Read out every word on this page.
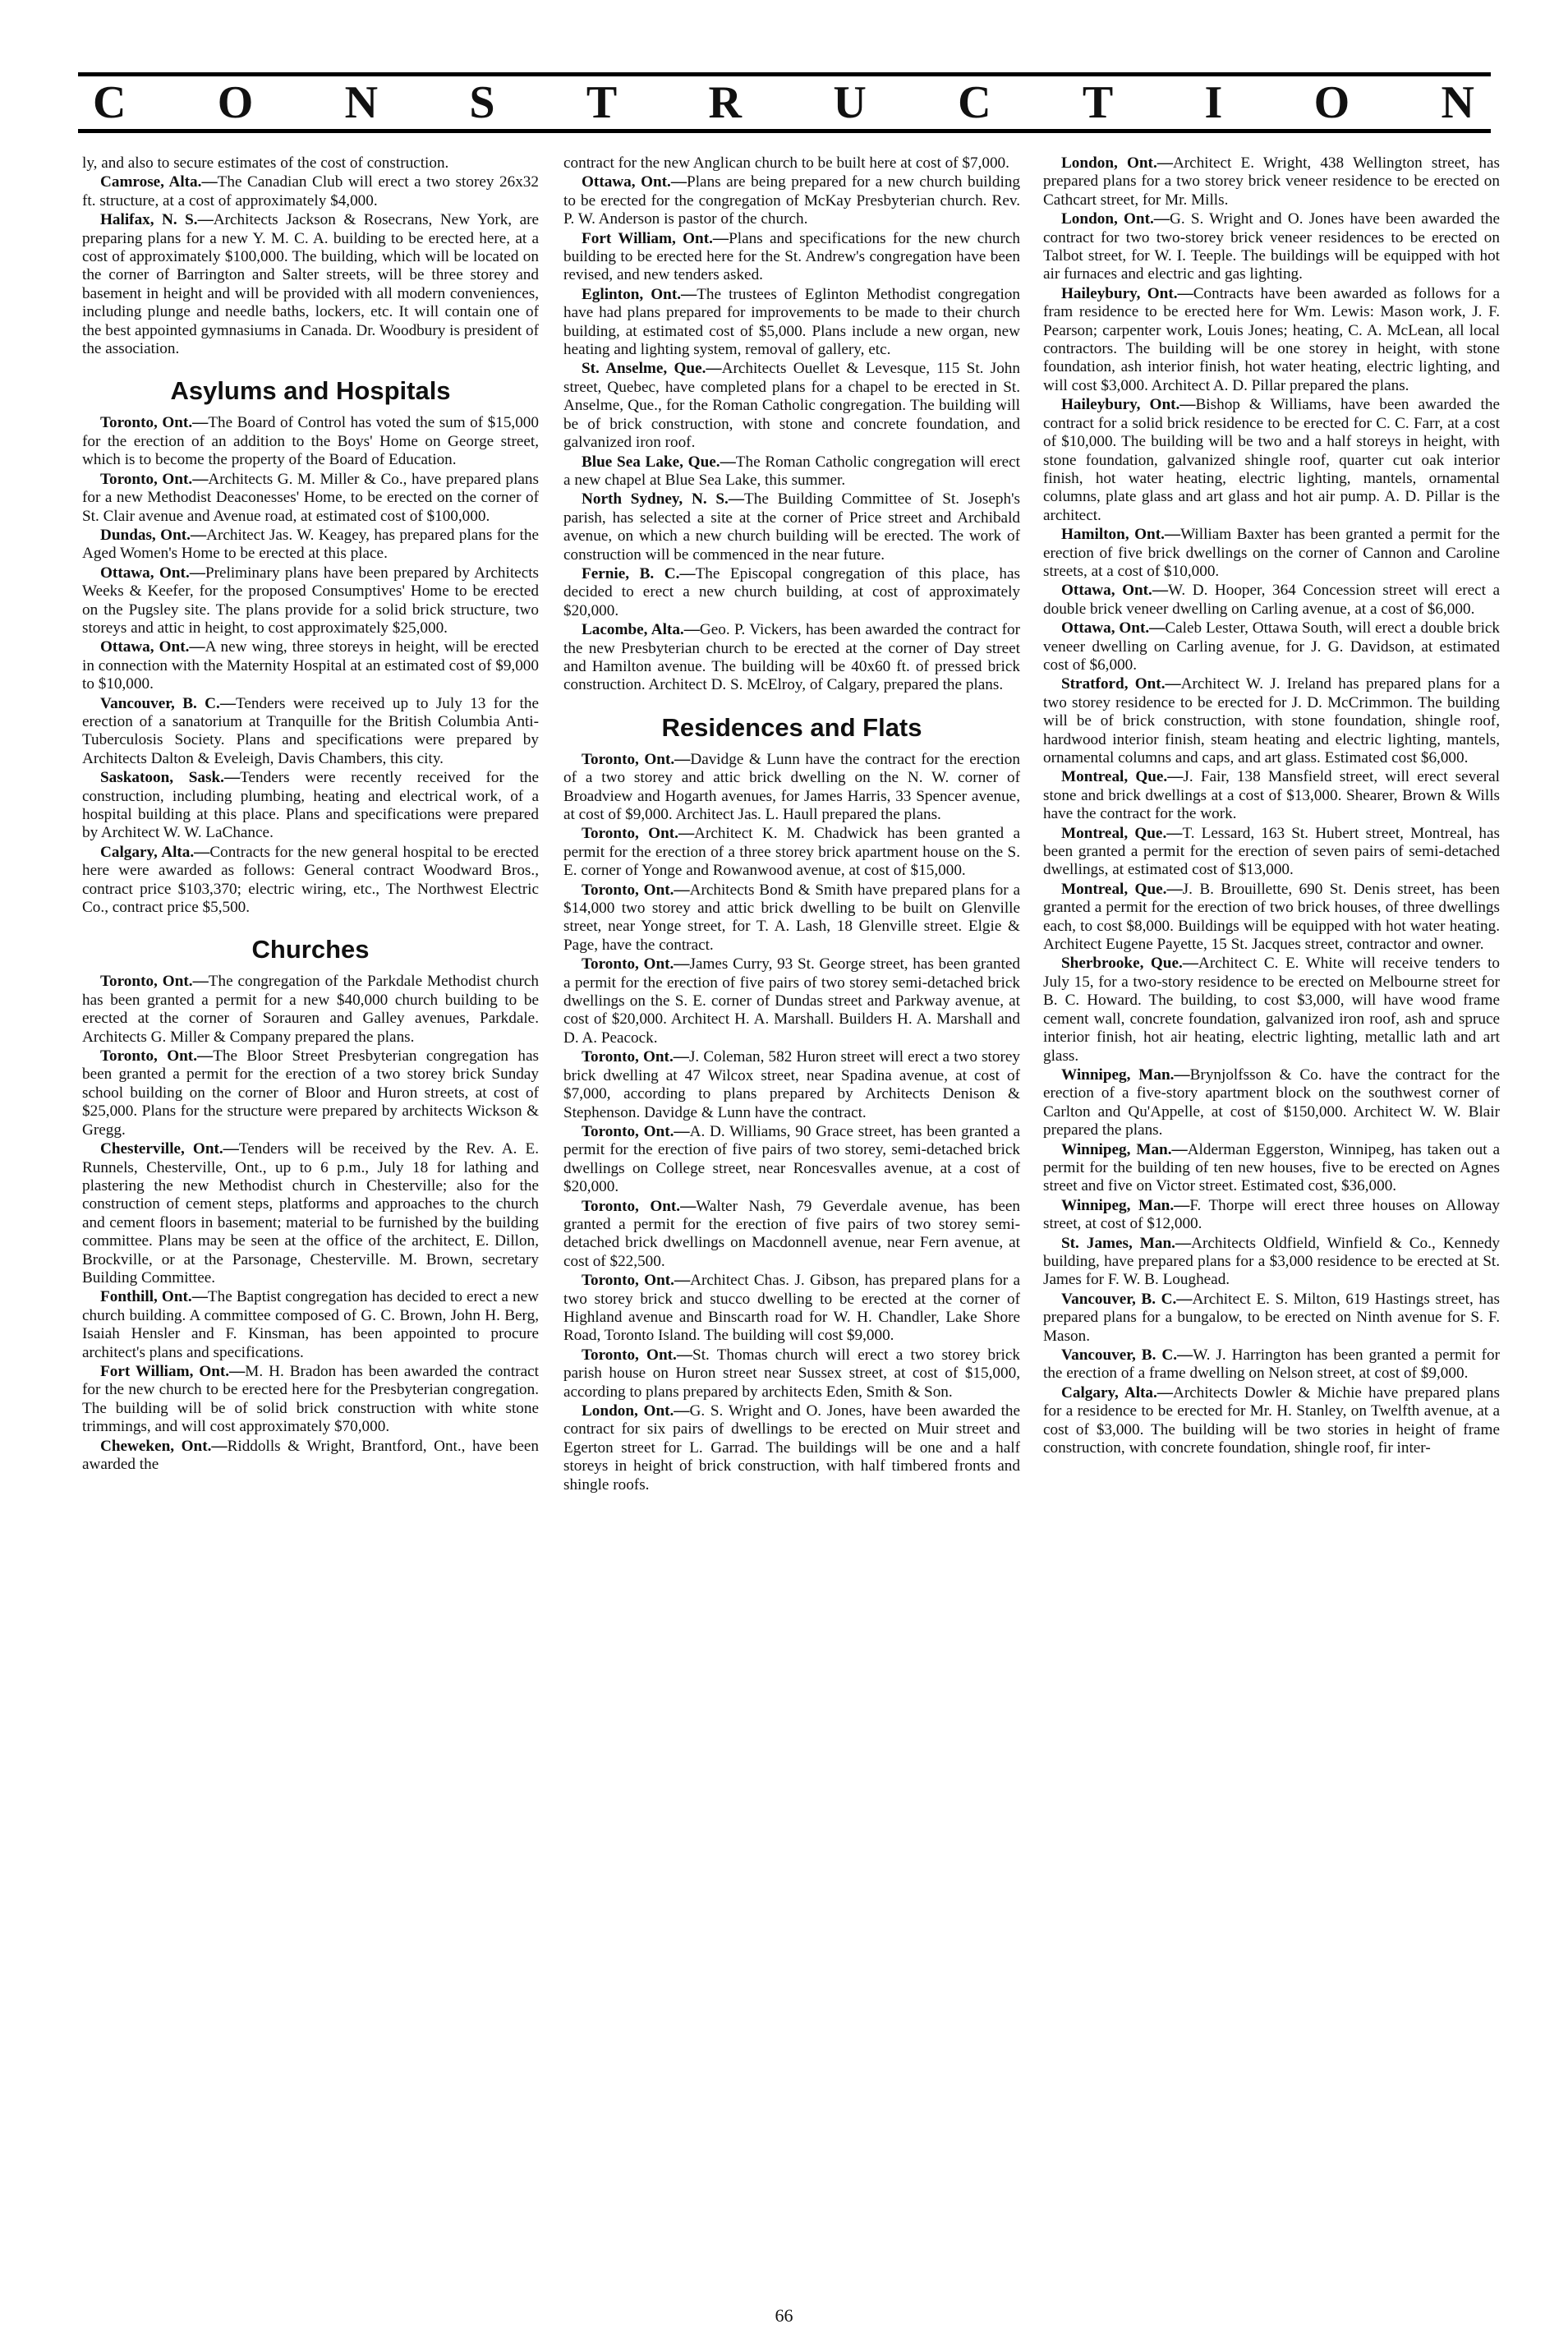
C O N S T R U C T I O N

ly, and also to secure estimates of the cost of construction.

Camrose, Alta.—The Canadian Club will erect a two storey 26x32 ft. structure, at a cost of approximately $4,000.

Halifax, N. S.—Architects Jackson & Rosecrans, New York, are preparing plans for a new Y. M. C. A. building to be erected here, at a cost of approximately $100,000. The building, which will be located on the corner of Barrington and Salter streets, will be three storey and basement in height and will be provided with all modern conveniences, including plunge and needle baths, lockers, etc. It will contain one of the best appointed gymnasiums in Canada. Dr. Woodbury is president of the association.

Asylums and Hospitals

Toronto, Ont.—The Board of Control has voted the sum of $15,000 for the erection of an addition to the Boys' Home on George street, which is to become the property of the Board of Education.

Toronto, Ont.—Architects G. M. Miller & Co., have prepared plans for a new Methodist Deaconesses' Home, to be erected on the corner of St. Clair avenue and Avenue road, at estimated cost of $100,000.

Dundas, Ont.—Architect Jas. W. Keagey, has prepared plans for the Aged Women's Home to be erected at this place.

Ottawa, Ont.—Preliminary plans have been prepared by Architects Weeks & Keefer, for the proposed Consumptives' Home to be erected on the Pugsley site. The plans provide for a solid brick structure, two storeys and attic in height, to cost approximately $25,000.

Ottawa, Ont.—A new wing, three storeys in height, will be erected in connection with the Maternity Hospital at an estimated cost of $9,000 to $10,000.

Vancouver, B. C.—Tenders were received up to July 13 for the erection of a sanatorium at Tranquille for the British Columbia Anti-Tuberculosis Society. Plans and specifications were prepared by Architects Dalton & Eveleigh, Davis Chambers, this city.

Saskatoon, Sask.—Tenders were recently received for the construction, including plumbing, heating and electrical work, of a hospital building at this place. Plans and specifications were prepared by Architect W. W. LaChance.

Calgary, Alta.—Contracts for the new general hospital to be erected here were awarded as follows: General contract Woodward Bros., contract price $103,370; electric wiring, etc., The Northwest Electric Co., contract price $5,500.

Churches

Toronto, Ont.—The congregation of the Parkdale Methodist church has been granted a permit for a new $40,000 church building to be erected at the corner of Sorauren and Galley avenues, Parkdale. Architects G. Miller & Company prepared the plans.

Toronto, Ont.—The Bloor Street Presbyterian congregation has been granted a permit for the erection of a two storey brick Sunday school building on the corner of Bloor and Huron streets, at cost of $25,000. Plans for the structure were prepared by architects Wickson & Gregg.

Chesterville, Ont.—Tenders will be received by the Rev. A. E. Runnels, Chesterville, Ont., up to 6 p.m., July 18 for lathing and plastering the new Methodist church in Chesterville; also for the construction of cement steps, platforms and approaches to the church and cement floors in basement; material to be furnished by the building committee. Plans may be seen at the office of the architect, E. Dillon, Brockville, or at the Parsonage, Chesterville. M. Brown, secretary Building Committee.

Fonthill, Ont.—The Baptist congregation has decided to erect a new church building. A committee composed of G. C. Brown, John H. Berg, Isaiah Hensler and F. Kinsman, has been appointed to procure architect's plans and specifications.

Fort William, Ont.—M. H. Bradon has been awarded the contract for the new church to be erected here for the Presbyterian congregation. The building will be of solid brick construction with white stone trimmings, and will cost approximately $70,000.

Cheweken, Ont.—Riddolls & Wright, Brantford, Ont., have been awarded the

contract for the new Anglican church to be built here at cost of $7,000.

Ottawa, Ont.—Plans are being prepared for a new church building to be erected for the congregation of McKay Presbyterian church. Rev. P. W. Anderson is pastor of the church.

Fort William, Ont.—Plans and specifications for the new church building to be erected here for the St. Andrew's congregation have been revised, and new tenders asked.

Eglinton, Ont.—The trustees of Eglinton Methodist congregation have had plans prepared for improvements to be made to their church building, at estimated cost of $5,000. Plans include a new organ, new heating and lighting system, removal of gallery, etc.

St. Anselme, Que.—Architects Ouellet & Levesque, 115 St. John street, Quebec, have completed plans for a chapel to be erected in St. Anselme, Que., for the Roman Catholic congregation. The building will be of brick construction, with stone and concrete foundation, and galvanized iron roof.

Blue Sea Lake, Que.—The Roman Catholic congregation will erect a new chapel at Blue Sea Lake, this summer.

North Sydney, N. S.—The Building Committee of St. Joseph's parish, has selected a site at the corner of Price street and Archibald avenue, on which a new church building will be erected. The work of construction will be commenced in the near future.

Fernie, B. C.—The Episcopal congregation of this place, has decided to erect a new church building, at cost of approximately $20,000.

Lacombe, Alta.—Geo. P. Vickers, has been awarded the contract for the new Presbyterian church to be erected at the corner of Day street and Hamilton avenue. The building will be 40x60 ft. of pressed brick construction. Architect D. S. McElroy, of Calgary, prepared the plans.

Residences and Flats

Toronto, Ont.—Davidge & Lunn have the contract for the erection of a two storey and attic brick dwelling on the N. W. corner of Broadview and Hogarth avenues, for James Harris, 33 Spencer avenue, at cost of $9,000. Architect Jas. L. Haull prepared the plans.

Toronto, Ont.—Architect K. M. Chadwick has been granted a permit for the erection of a three storey brick apartment house on the S. E. corner of Yonge and Rowanwood avenue, at cost of $15,000.

Toronto, Ont.—Architects Bond & Smith have prepared plans for a $14,000 two storey and attic brick dwelling to be built on Glenville street, near Yonge street, for T. A. Lash, 18 Glenville street. Elgie & Page, have the contract.

Toronto, Ont.—James Curry, 93 St. George street, has been granted a permit for the erection of five pairs of two storey semi-detached brick dwellings on the S. E. corner of Dundas street and Parkway avenue, at cost of $20,000. Architect H. A. Marshall. Builders H. A. Marshall and D. A. Peacock.

Toronto, Ont.—J. Coleman, 582 Huron street will erect a two storey brick dwelling at 47 Wilcox street, near Spadina avenue, at cost of $7,000, according to plans prepared by Architects Denison & Stephenson. Davidge & Lunn have the contract.

Toronto, Ont.—A. D. Williams, 90 Grace street, has been granted a permit for the erection of five pairs of two storey, semi-detached brick dwellings on College street, near Roncesvalles avenue, at a cost of $20,000.

Toronto, Ont.—Walter Nash, 79 Geverdale avenue, has been granted a permit for the erection of five pairs of two storey semi-detached brick dwellings on Macdonnell avenue, near Fern avenue, at cost of $22,500.

Toronto, Ont.—Architect Chas. J. Gibson, has prepared plans for a two storey brick and stucco dwelling to be erected at the corner of Highland avenue and Binscarth road for W. H. Chandler, Lake Shore Road, Toronto Island. The building will cost $9,000.

Toronto, Ont.—St. Thomas church will erect a two storey brick parish house on Huron street near Sussex street, at cost of $15,000, according to plans prepared by architects Eden, Smith & Son.

London, Ont.—G. S. Wright and O. Jones, have been awarded the contract for six pairs of dwellings to be erected on Muir street and Egerton street for L. Garrad. The buildings will be one and a half storeys in height of brick construction, with half timbered fronts and shingle roofs.

London, Ont.—Architect E. Wright, 438 Wellington street, has prepared plans for a two storey brick veneer residence to be erected on Cathcart street, for Mr. Mills.

London, Ont.—G. S. Wright and O. Jones have been awarded the contract for two two-storey brick veneer residences to be erected on Talbot street, for W. I. Teeple. The buildings will be equipped with hot air furnaces and electric and gas lighting.

Haileybury, Ont.—Contracts have been awarded as follows for a fram residence to be erected here for Wm. Lewis: Mason work, J. F. Pearson; carpenter work, Louis Jones; heating, C. A. McLean, all local contractors. The building will be one storey in height, with stone foundation, ash interior finish, hot water heating, electric lighting, and will cost $3,000. Architect A. D. Pillar prepared the plans.

Haileybury, Ont.—Bishop & Williams, have been awarded the contract for a solid brick residence to be erected for C. C. Farr, at a cost of $10,000. The building will be two and a half storeys in height, with stone foundation, galvanized shingle roof, quarter cut oak interior finish, hot water heating, electric lighting, mantels, ornamental columns, plate glass and art glass and hot air pump. A. D. Pillar is the architect.

Hamilton, Ont.—William Baxter has been granted a permit for the erection of five brick dwellings on the corner of Cannon and Caroline streets, at a cost of $10,000.

Ottawa, Ont.—W. D. Hooper, 364 Concession street will erect a double brick veneer dwelling on Carling avenue, at a cost of $6,000.

Ottawa, Ont.—Caleb Lester, Ottawa South, will erect a double brick veneer dwelling on Carling avenue, for J. G. Davidson, at estimated cost of $6,000.

Stratford, Ont.—Architect W. J. Ireland has prepared plans for a two storey residence to be erected for J. D. McCrimmon. The building will be of brick construction, with stone foundation, shingle roof, hardwood interior finish, steam heating and electric lighting, mantels, ornamental columns and caps, and art glass. Estimated cost $6,000.

Montreal, Que.—J. Fair, 138 Mansfield street, will erect several stone and brick dwellings at a cost of $13,000. Shearer, Brown & Wills have the contract for the work.

Montreal, Que.—T. Lessard, 163 St. Hubert street, Montreal, has been granted a permit for the erection of seven pairs of semi-detached dwellings, at estimated cost of $13,000.

Montreal, Que.—J. B. Brouillette, 690 St. Denis street, has been granted a permit for the erection of two brick houses, of three dwellings each, to cost $8,000. Buildings will be equipped with hot water heating. Architect Eugene Payette, 15 St. Jacques street, contractor and owner.

Sherbrooke, Que.—Architect C. E. White will receive tenders to July 15, for a two-story residence to be erected on Melbourne street for B. C. Howard. The building, to cost $3,000, will have wood frame cement wall, concrete foundation, galvanized iron roof, ash and spruce interior finish, hot air heating, electric lighting, metallic lath and art glass.

Winnipeg, Man.—Brynjolfsson & Co. have the contract for the erection of a five-story apartment block on the southwest corner of Carlton and Qu'Appelle, at cost of $150,000. Architect W. W. Blair prepared the plans.

Winnipeg, Man.—Alderman Eggerston, Winnipeg, has taken out a permit for the building of ten new houses, five to be erected on Agnes street and five on Victor street. Estimated cost, $36,000.

Winnipeg, Man.—F. Thorpe will erect three houses on Alloway street, at cost of $12,000.

St. James, Man.—Architects Oldfield, Winfield & Co., Kennedy building, have prepared plans for a $3,000 residence to be erected at St. James for F. W. B. Loughead.

Vancouver, B. C.—Architect E. S. Milton, 619 Hastings street, has prepared plans for a bungalow, to be erected on Ninth avenue for S. F. Mason.

Vancouver, B. C.—W. J. Harrington has been granted a permit for the erection of a frame dwelling on Nelson street, at cost of $9,000.

Calgary, Alta.—Architects Dowler & Michie have prepared plans for a residence to be erected for Mr. H. Stanley, on Twelfth avenue, at a cost of $3,000. The building will be two stories in height of frame construction, with concrete foundation, shingle roof, fir inter-

66
